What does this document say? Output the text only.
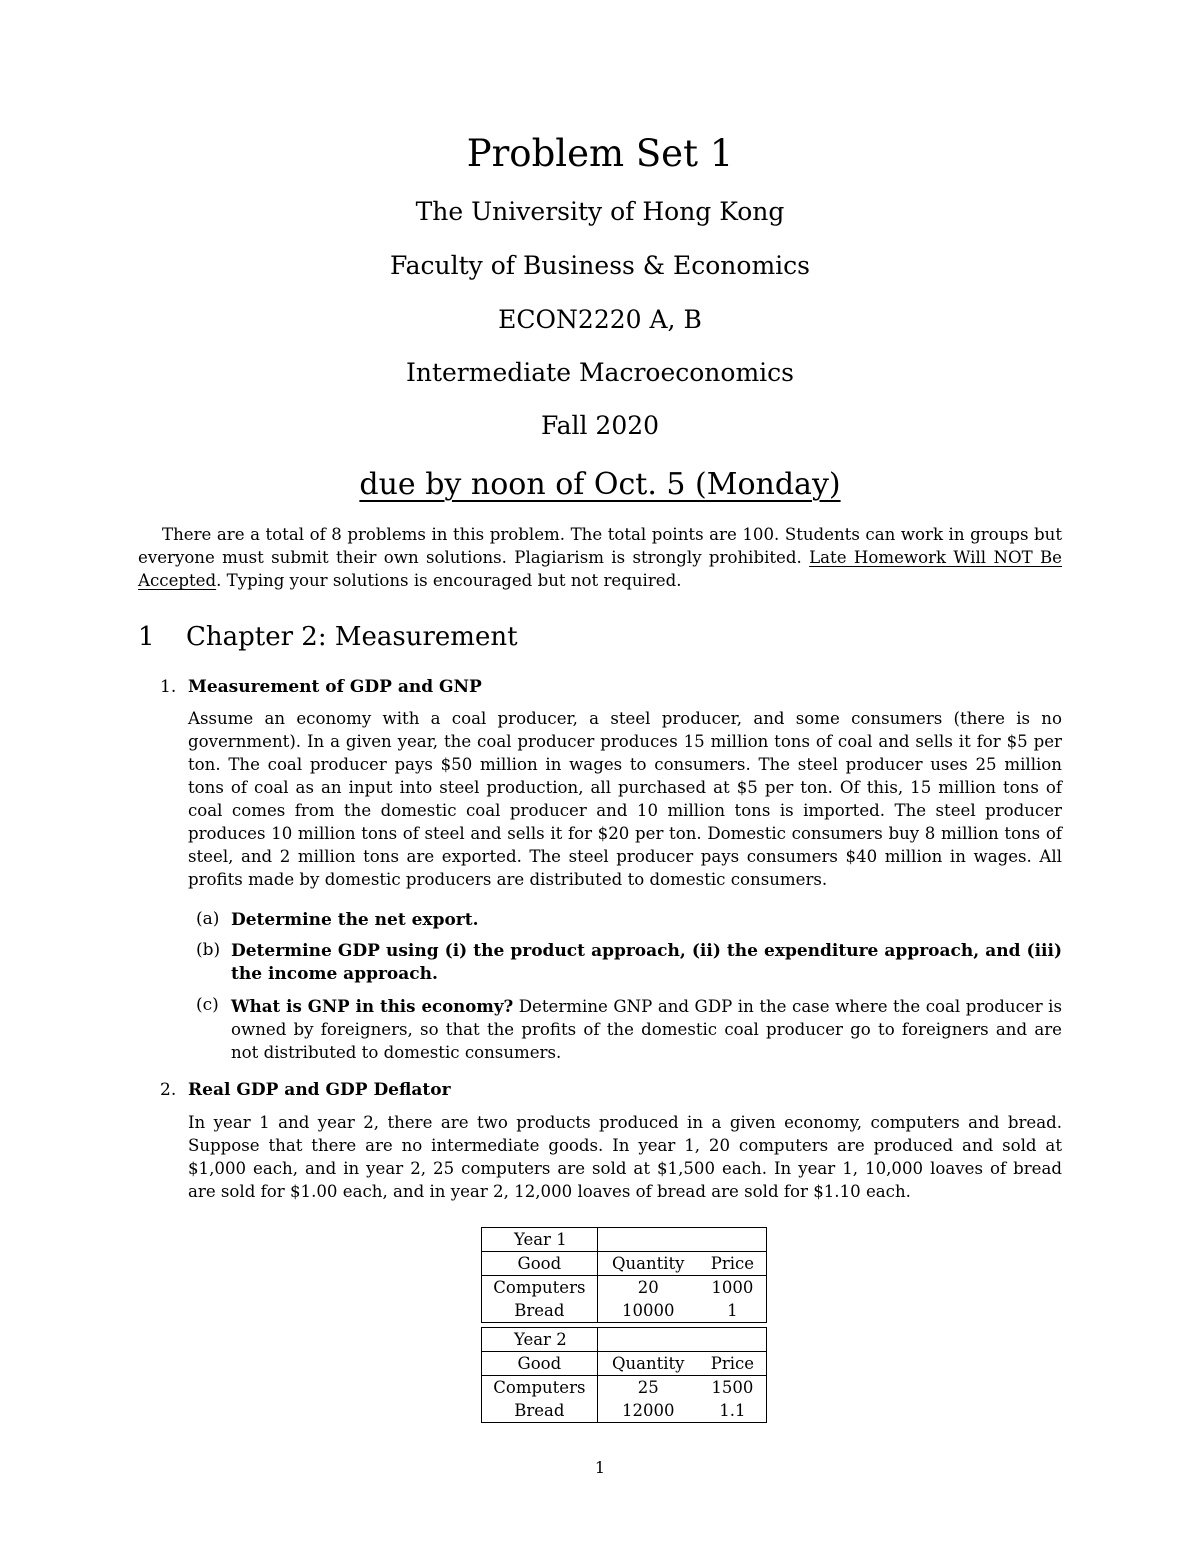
Problem Set 1
The University of Hong Kong
Faculty of Business & Economics
ECON2220 A, B
Intermediate Macroeconomics
Fall 2020
due by noon of Oct. 5 (Monday)
There are a total of 8 problems in this problem. The total points are 100. Students can work in groups but everyone must submit their own solutions. Plagiarism is strongly prohibited. Late Homework Will NOT Be Accepted. Typing your solutions is encouraged but not required.
1 Chapter 2: Measurement
1. Measurement of GDP and GNP
Assume an economy with a coal producer, a steel producer, and some consumers (there is no government). In a given year, the coal producer produces 15 million tons of coal and sells it for $5 per ton. The coal producer pays $50 million in wages to consumers. The steel producer uses 25 million tons of coal as an input into steel production, all purchased at $5 per ton. Of this, 15 million tons of coal comes from the domestic coal producer and 10 million tons is imported. The steel producer produces 10 million tons of steel and sells it for $20 per ton. Domestic consumers buy 8 million tons of steel, and 2 million tons are exported. The steel producer pays consumers $40 million in wages. All profits made by domestic producers are distributed to domestic consumers.
(a) Determine the net export.
(b) Determine GDP using (i) the product approach, (ii) the expenditure approach, and (iii) the income approach.
(c) What is GNP in this economy? Determine GNP and GDP in the case where the coal producer is owned by foreigners, so that the profits of the domestic coal producer go to foreigners and are not distributed to domestic consumers.
2. Real GDP and GDP Deflator
In year 1 and year 2, there are two products produced in a given economy, computers and bread. Suppose that there are no intermediate goods. In year 1, 20 computers are produced and sold at $1,000 each, and in year 2, 25 computers are sold at $1,500 each. In year 1, 10,000 loaves of bread are sold for $1.00 each, and in year 2, 12,000 loaves of bread are sold for $1.10 each.
Year 1		
Good	Quantity	Price
Computers	20	1000
Bread	10000	1
Year 2		
Good	Quantity	Price
Computers	25	1500
Bread	12000	1.1
1
